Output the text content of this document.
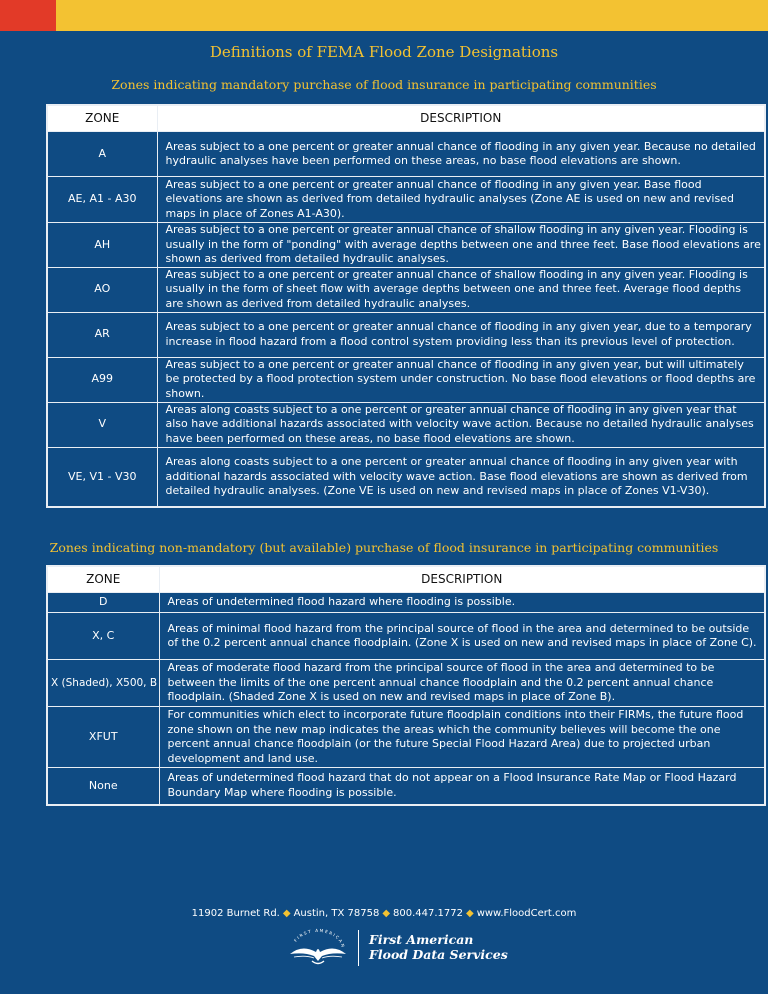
Definitions of FEMA Flood Zone Designations
Zones indicating mandatory purchase of flood insurance in participating communities
ZONE	DESCRIPTION
A	Areas subject to a one percent or greater annual chance of flooding in any given year. Because no detailed hydraulic analyses have been performed on these areas, no base flood elevations are shown.
AE, A1 - A30	Areas subject to a one percent or greater annual chance of flooding in any given year. Base flood elevations are shown as derived from detailed hydraulic analyses (Zone AE is used on new and revised maps in place of Zones A1-A30).
AH	Areas subject to a one percent or greater annual chance of shallow flooding in any given year. Flooding is usually in the form of "ponding" with average depths between one and three feet. Base flood elevations are shown as derived from detailed hydraulic analyses.
AO	Areas subject to a one percent or greater annual chance of shallow flooding in any given year. Flooding is usually in the form of sheet flow with average depths between one and three feet. Average flood depths are shown as derived from detailed hydraulic analyses.
AR	Areas subject to a one percent or greater annual chance of flooding in any given year, due to a temporary increase in flood hazard from a flood control system providing less than its previous level of protection.
A99	Areas subject to a one percent or greater annual chance of flooding in any given year, but will ultimately be protected by a flood protection system under construction. No base flood elevations or flood depths are shown.
V	Areas along coasts subject to a one percent or greater annual chance of flooding in any given year that also have additional hazards associated with velocity wave action. Because no detailed hydraulic analyses have been performed on these areas, no base flood elevations are shown.
VE, V1 - V30	Areas along coasts subject to a one percent or greater annual chance of flooding in any given year with additional hazards associated with velocity wave action. Base flood elevations are shown as derived from detailed hydraulic analyses. (Zone VE is used on new and revised maps in place of Zones V1-V30).
Zones indicating non-mandatory (but available) purchase of flood insurance in participating communities
ZONE	DESCRIPTION
D	Areas of undetermined flood hazard where flooding is possible.
X, C	Areas of minimal flood hazard from the principal source of flood in the area and determined to be outside of the 0.2 percent annual chance floodplain. (Zone X is used on new and revised maps in place of Zone C).
X (Shaded), X500, B	Areas of moderate flood hazard from the principal source of flood in the area and determined to be between the limits of the one percent annual chance floodplain and the 0.2 percent annual chance floodplain. (Shaded Zone X is used on new and revised maps in place of Zone B).
XFUT	For communities which elect to incorporate future floodplain conditions into their FIRMs, the future flood zone shown on the new map indicates the areas which the community believes will become the one percent annual chance floodplain (or the future Special Flood Hazard Area) due to projected urban development and land use.
None	Areas of undetermined flood hazard that do not appear on a Flood Insurance Rate Map or Flood Hazard Boundary Map where flooding is possible.
11902 Burnet Rd. ◆ Austin, TX 78758 ◆ 800.447.1772 ◆ www.FloodCert.com
FIRST AMERICAN First American
Flood Data Services
